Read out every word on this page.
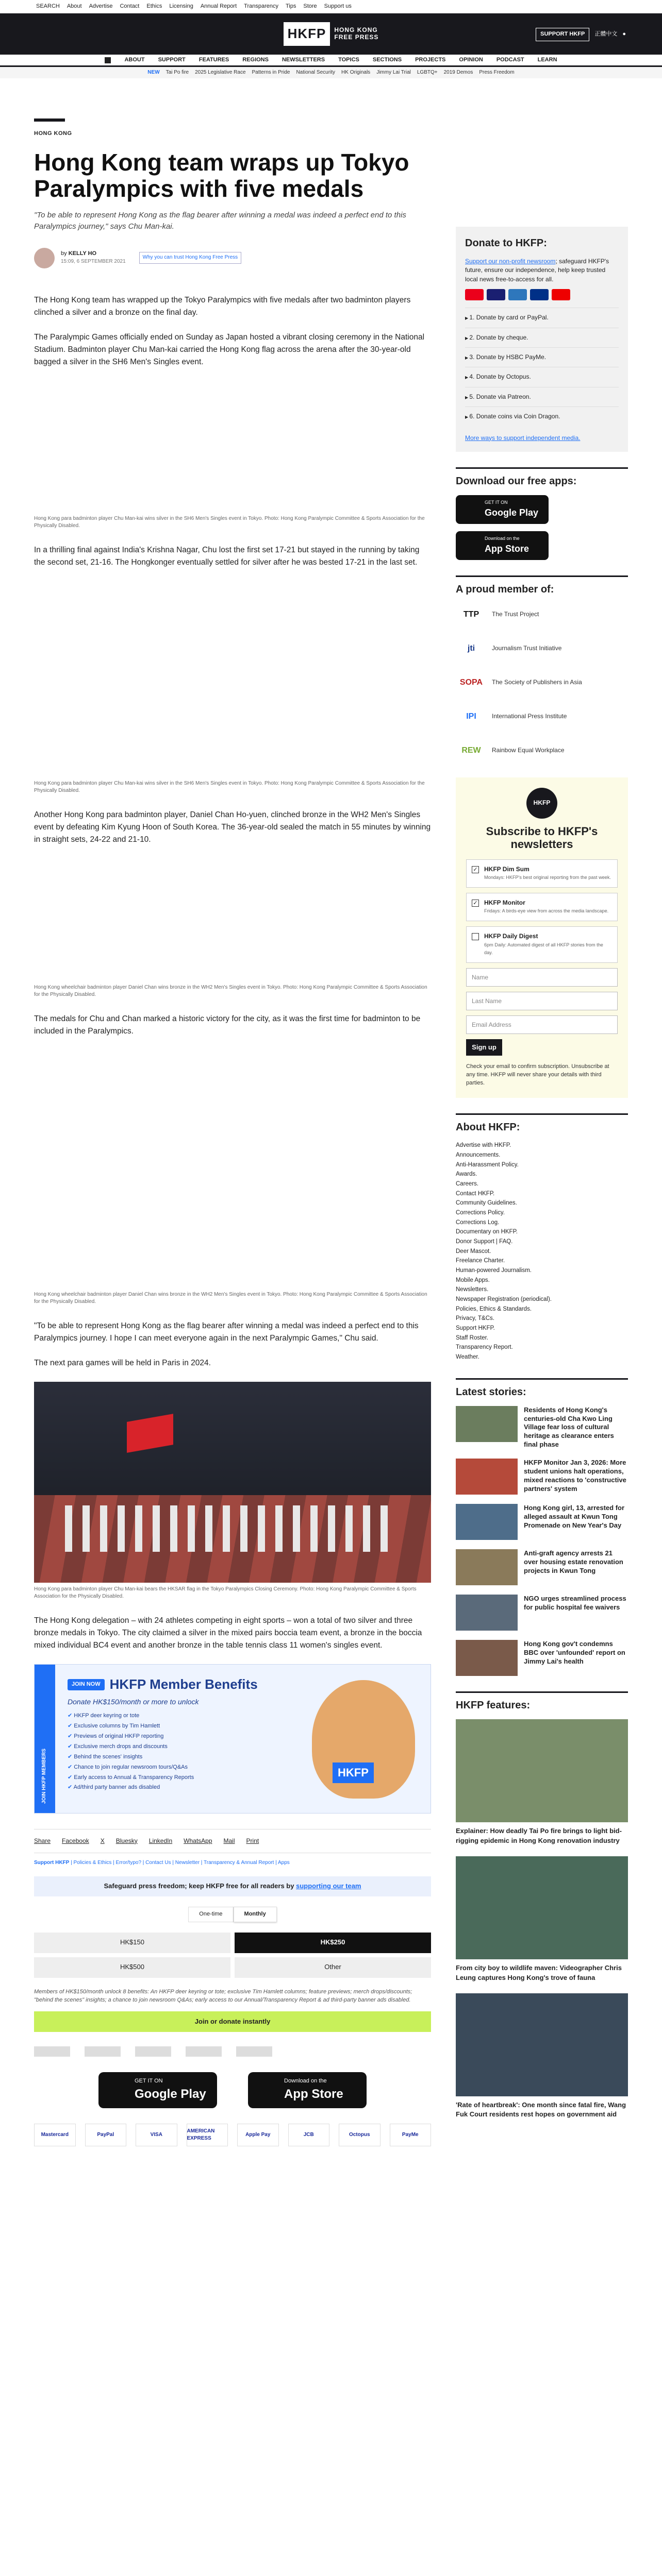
SEARCH About Advertise Contact Ethics Licensing Annual Report Transparency Tips Store Support us
HKFP	HONG KONG
FREE PRESS	SUPPORT HKFP	正體中文 ●
ABOUT SUPPORT FEATURES REGIONS NEWSLETTERS TOPICS SECTIONS PROJECTS OPINION PODCAST LEARN
NEW Tai Po fire 2025 Legislative Race Patterns in Pride National Security HK Originals Jimmy Lai Trial LGBTQ+ 2019 Demos Press Freedom
HONG KONG
Hong Kong team wraps up Tokyo Paralympics with five medals
"To be able to represent Hong Kong as the flag bearer after winning a medal was indeed a perfect end to this Paralympics journey," says Chu Man-kai.
by KELLY HO
15:09, 6 SEPTEMBER 2021
Why you can trust Hong Kong Free Press

The Hong Kong team has wrapped up the Tokyo Paralympics with five medals after two badminton players clinched a silver and a bronze on the final day.

The Paralympic Games officially ended on Sunday as Japan hosted a vibrant closing ceremony in the National Stadium. Badminton player Chu Man-kai carried the Hong Kong flag across the arena after the 30-year-old bagged a silver in the SH6 Men's Singles event.

Hong Kong para badminton player Chu Man-kai wins silver in the SH6 Men's Singles event in Tokyo. Photo: Hong Kong Paralympic Committee & Sports Association for the Physically Disabled.

In a thrilling final against India's Krishna Nagar, Chu lost the first set 17-21 but stayed in the running by taking the second set, 21-16. The Hongkonger eventually settled for silver after he was bested 17-21 in the last set.

Hong Kong para badminton player Chu Man-kai wins silver in the SH6 Men's Singles event in Tokyo. Photo: Hong Kong Paralympic Committee & Sports Association for the Physically Disabled.

Another Hong Kong para badminton player, Daniel Chan Ho-yuen, clinched bronze in the WH2 Men's Singles event by defeating Kim Kyung Hoon of South Korea. The 36-year-old sealed the match in 55 minutes by winning in straight sets, 24-22 and 21-10.

Hong Kong wheelchair badminton player Daniel Chan wins bronze in the WH2 Men's Singles event in Tokyo. Photo: Hong Kong Paralympic Committee & Sports Association for the Physically Disabled.

The medals for Chu and Chan marked a historic victory for the city, as it was the first time for badminton to be included in the Paralympics.

Hong Kong wheelchair badminton player Daniel Chan wins bronze in the WH2 Men's Singles event in Tokyo. Photo: Hong Kong Paralympic Committee & Sports Association for the Physically Disabled.

"To be able to represent Hong Kong as the flag bearer after winning a medal was indeed a perfect end to this Paralympics journey. I hope I can meet everyone again in the next Paralympic Games," Chu said.

The next para games will be held in Paris in 2024.

Hong Kong para badminton player Chu Man-kai bears the HKSAR flag in the Tokyo Paralympics Closing Ceremony. Photo: Hong Kong Paralympic Committee & Sports Association for the Physically Disabled.

The Hong Kong delegation – with 24 athletes competing in eight sports – won a total of two silver and three bronze medals in Tokyo. The city claimed a silver in the mixed pairs boccia team event, a bronze in the boccia mixed individual BC4 event and another bronze in the table tennis class 11 women's singles event.

JOIN HKFP MEMBERS
JOIN NOW HKFP Member Benefits
Donate HK$150/month or more to unlock
✔ HKFP deer keyring or tote
✔ Exclusive columns by Tim Hamlett
✔ Previews of original HKFP reporting
✔ Exclusive merch drops and discounts
✔ Behind the scenes' insights
✔ Chance to join regular newsroom tours/Q&As
✔ Early access to Annual & Transparency Reports
✔ Ad/third party banner ads disabled
HKFP
Share Facebook X Bluesky LinkedIn WhatsApp Mail Print
Support HKFP | Policies & Ethics | Error/typo? | Contact Us | Newsletter | Transparency & Annual Report | Apps
Safeguard press freedom; keep HKFP free for all readers by supporting our team
One-time	Monthly
HK$150	HK$250
HK$500	Other
Members of HK$150/month unlock 8 benefits: An HKFP deer keyring or tote; exclusive Tim Hamlett columns; feature previews; merch drops/discounts; "behind the scenes" insights; a chance to join newsroom Q&As; early access to our Annual/Transparency Report & ad third-party banner ads disabled.
Join or donate instantly
GET IT ON
Google Play
Download on the
App Store
Mastercard	PayPal	VISA
AMERICAN EXPRESS
Apple Pay	JCB	Octopus	PayMe
Donate to HKFP:

Support our non-profit newsroom; safeguard HKFP's future, ensure our independence, help keep trusted local news free-to-access for all.

▶ 1. Donate by card or PayPal.
▶ 2. Donate by cheque.
▶ 3. Donate by HSBC PayMe.
▶ 4. Donate by Octopus.
▶ 5. Donate via Patreon.
▶ 6. Donate coins via Coin Dragon.
More ways to support independent media.
Download our free apps:
GET IT ON
Google Play
Download on the
App Store
A proud member of:
TTP	The Trust Project
jti	Journalism Trust Initiative
SOPA	The Society of Publishers in Asia
IPI	International Press Institute
REW	Rainbow Equal Workplace
HKFP
Subscribe to HKFP's newsletters
✓ HKFP Dim Sum
Mondays: HKFP's best original reporting from the past week.
✓ HKFP Monitor
Fridays: A birds-eye view from across the media landscape.
HKFP Daily Digest
6pm Daily: Automated digest of all HKFP stories from the day.
Name
Last Name
Email Address
Sign up
Check your email to confirm subscription. Unsubscribe at any time. HKFP will never share your details with third parties.
About HKFP:
Advertise with HKFP.
Announcements.
Anti-Harassment Policy.
Awards.
Careers.
Contact HKFP.
Community Guidelines.
Corrections Policy.
Corrections Log.
Documentary on HKFP.
Donor Support | FAQ.
Deer Mascot.
Freelance Charter.
Human-powered Journalism.
Mobile Apps.
Newsletters.
Newspaper Registration (periodical).
Policies, Ethics & Standards.
Privacy, T&Cs.
Support HKFP.
Staff Roster.
Transparency Report.
Weather.
Latest stories:
Residents of Hong Kong's centuries-old Cha Kwo Ling Village fear loss of cultural heritage as clearance enters final phase
HKFP Monitor Jan 3, 2026: More student unions halt operations, mixed reactions to 'constructive partners' system
Hong Kong girl, 13, arrested for alleged assault at Kwun Tong Promenade on New Year's Day
Anti-graft agency arrests 21 over housing estate renovation projects in Kwun Tong
NGO urges streamlined process for public hospital fee waivers
Hong Kong gov't condemns BBC over 'unfounded' report on Jimmy Lai's health
HKFP features:
Explainer: How deadly Tai Po fire brings to light bid-rigging epidemic in Hong Kong renovation industry
From city boy to wildlife maven: Videographer Chris Leung captures Hong Kong's trove of fauna
'Rate of heartbreak': One month since fatal fire, Wang Fuk Court residents rest hopes on government aid
